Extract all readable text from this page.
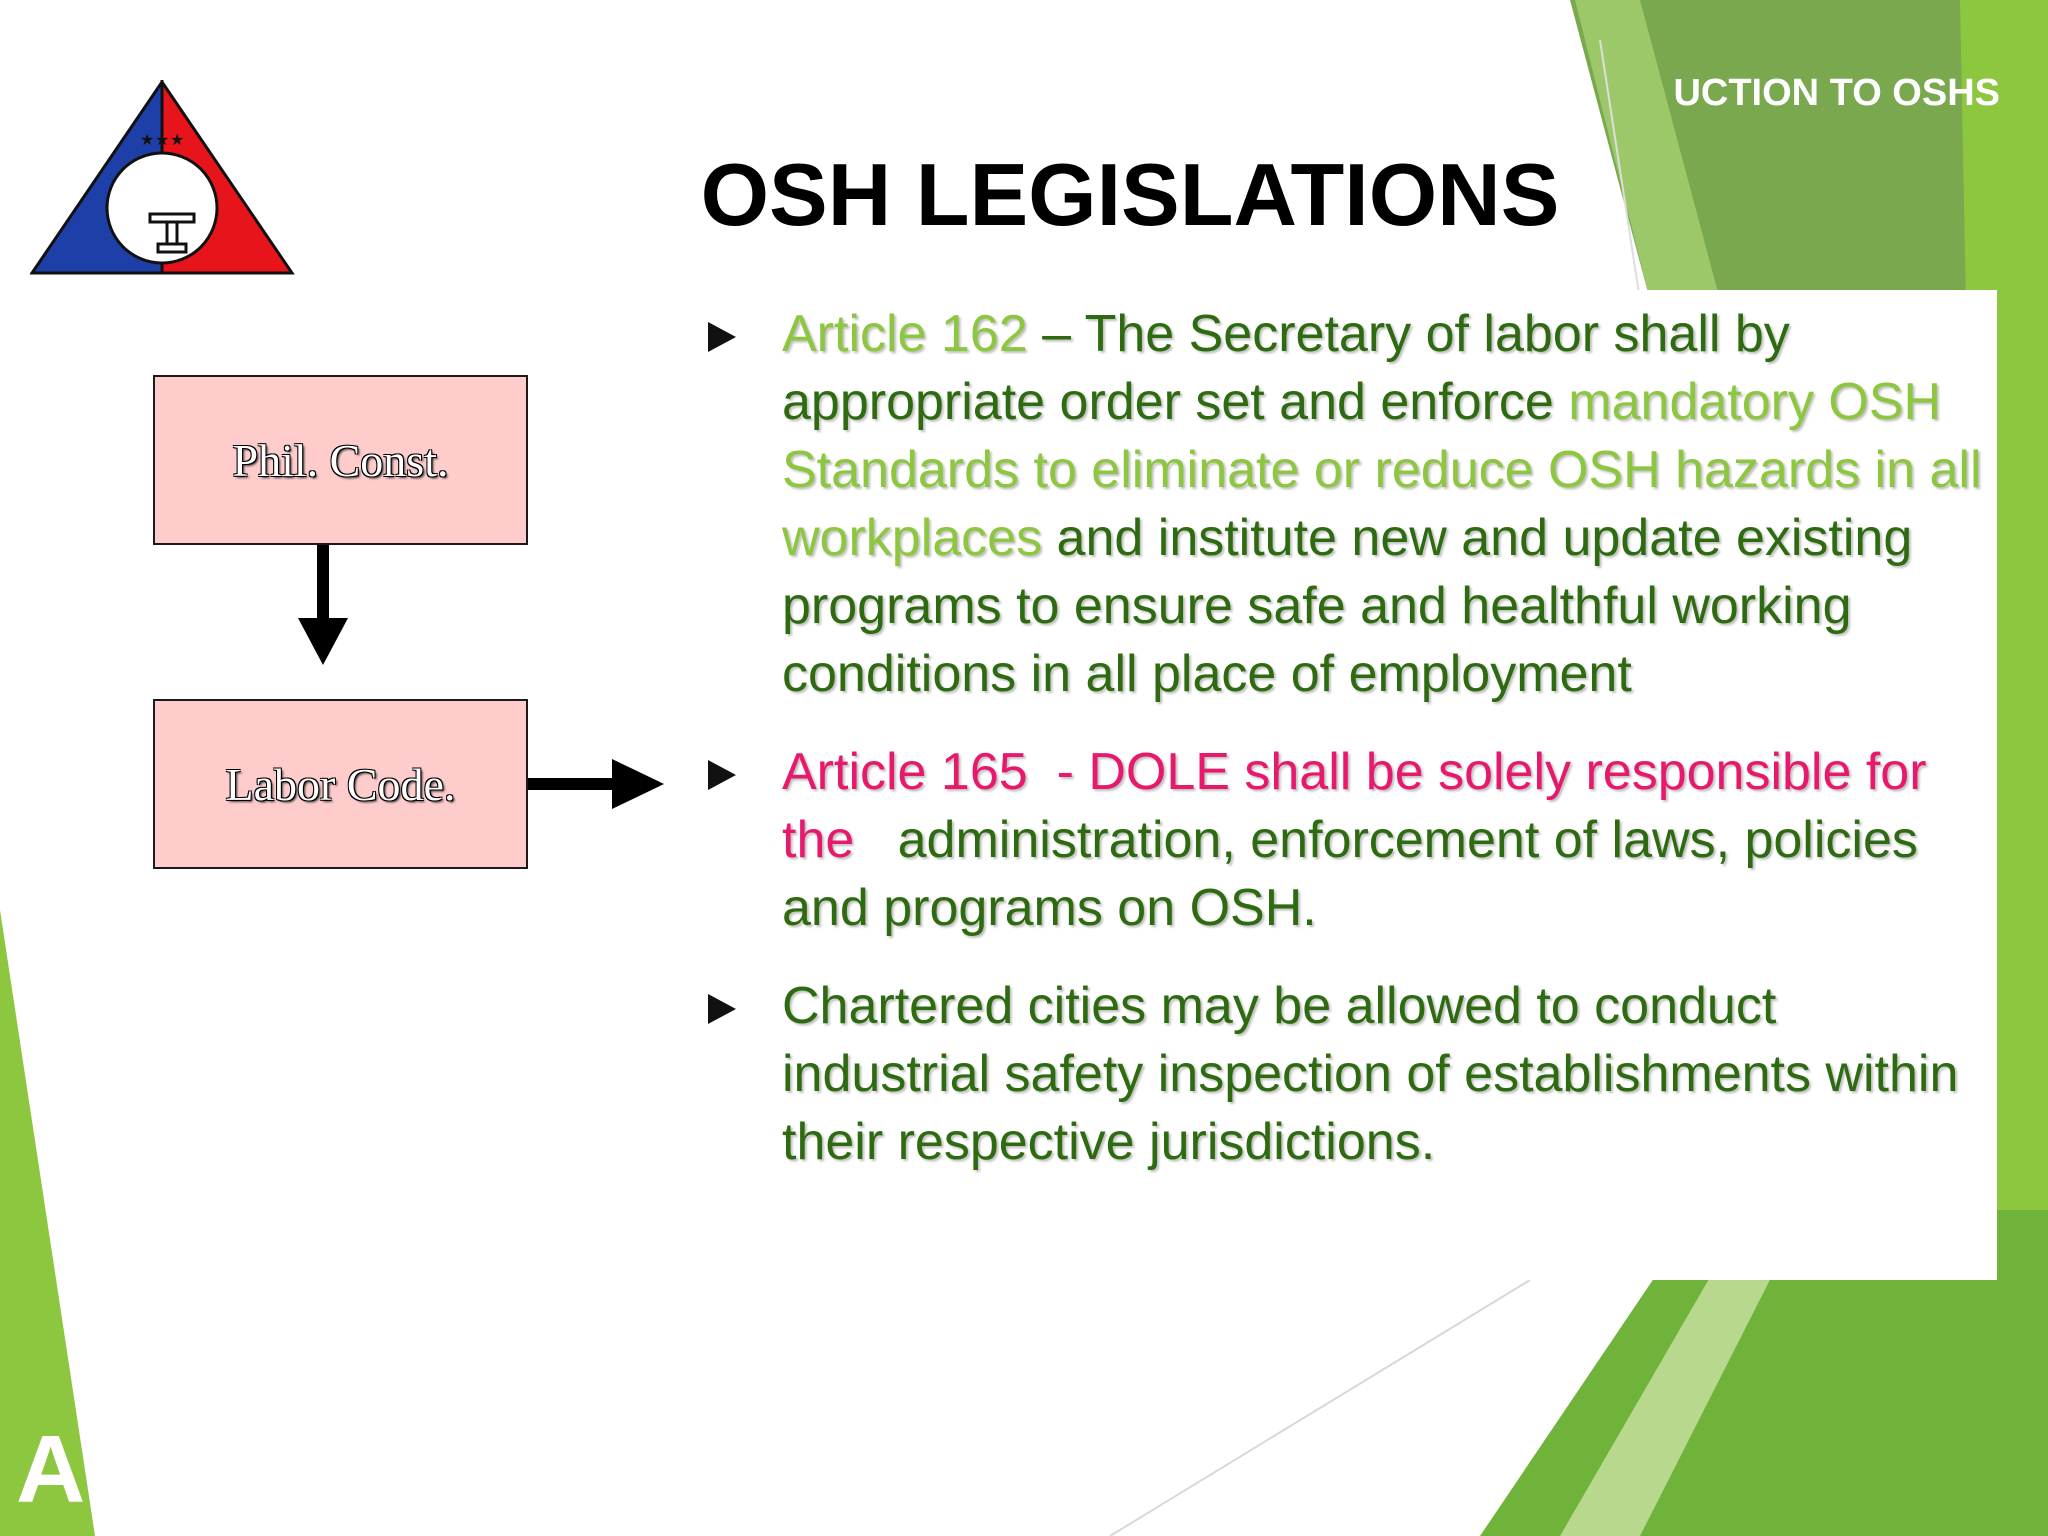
UCTION TO OSHS
OSH LEGISLATIONS
★ ★ ★
Phil. Const.
Labor Code.
Article 162 – The Secretary of labor shall by appropriate order set and enforce mandatory OSH Standards to eliminate or reduce OSH hazards in all workplaces and institute new and update existing programs to ensure safe and healthful working conditions in all place of employment
Article 165  - DOLE shall be solely responsible for the   administration, enforcement of laws, policies and programs on OSH.
Chartered cities may be allowed to conduct industrial safety inspection of establishments within their respective jurisdictions.
A
